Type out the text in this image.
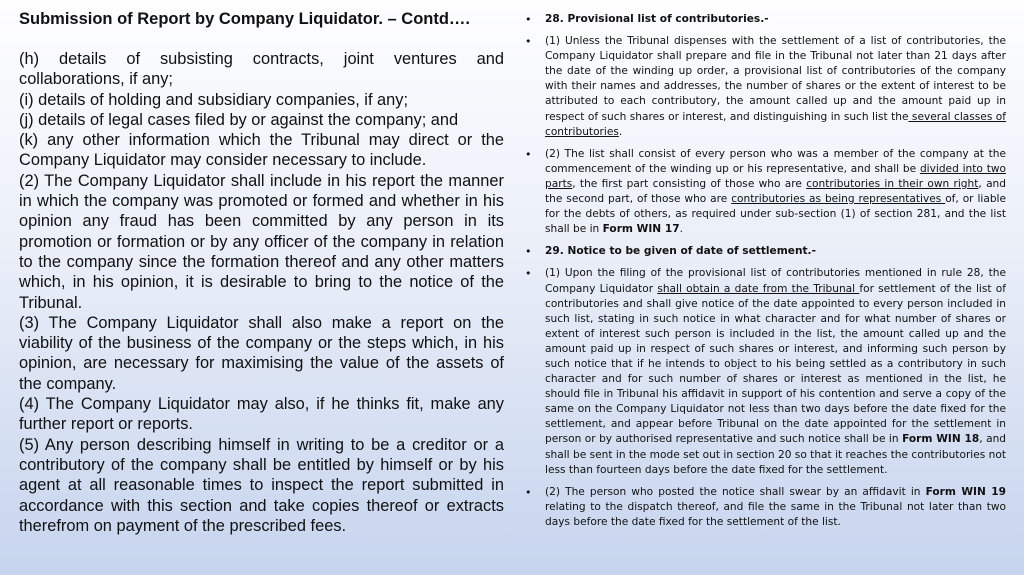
Submission of Report by Company Liquidator. – Contd….

(h) details of subsisting contracts, joint ventures and collaborations, if any;

(i) details of holding and subsidiary companies, if any;

(j) details of legal cases filed by or against the company; and

(k) any other information which the Tribunal may direct or the Company Liquidator may consider necessary to include.

(2) The Company Liquidator shall include in his report the manner in which the company was promoted or formed and whether in his opinion any fraud has been committed by any person in its promotion or formation or by any officer of the company in relation to the company since the formation thereof and any other matters which, in his opinion, it is desirable to bring to the notice of the Tribunal.

(3) The Company Liquidator shall also make a report on the viability of the business of the company or the steps which, in his opinion, are necessary for maximising the value of the assets of the company.

(4) The Company Liquidator may also, if he thinks fit, make any further report or reports.

(5) Any person describing himself in writing to be a creditor or a contributory of the company shall be entitled by himself or by his agent at all reasonable times to inspect the report submitted in accordance with this section and take copies thereof or extracts therefrom on payment of the prescribed fees.

• 28. Provisional list of contributories.-
• (1) Unless the Tribunal dispenses with the settlement of a list of contributories, the Company Liquidator shall prepare and file in the Tribunal not later than 21 days after the date of the winding up order, a provisional list of contributories of the company with their names and addresses, the number of shares or the extent of interest to be attributed to each contributory, the amount called up and the amount paid up in respect of such shares or interest, and distinguishing in such list the several classes of contributories.
• (2) The list shall consist of every person who was a member of the company at the commencement of the winding up or his representative, and shall be divided into two parts, the first part consisting of those who are contributories in their own right, and the second part, of those who are contributories as being representatives of, or liable for the debts of others, as required under sub-section (1) of section 281, and the list shall be in Form WIN 17.
• 29. Notice to be given of date of settlement.-
• (1) Upon the filing of the provisional list of contributories mentioned in rule 28, the Company Liquidator shall obtain a date from the Tribunal for settlement of the list of contributories and shall give notice of the date appointed to every person included in such list, stating in such notice in what character and for what number of shares or extent of interest such person is included in the list, the amount called up and the amount paid up in respect of such shares or interest, and informing such person by such notice that if he intends to object to his being settled as a contributory in such character and for such number of shares or interest as mentioned in the list, he should file in Tribunal his affidavit in support of his contention and serve a copy of the same on the Company Liquidator not less than two days before the date fixed for the settlement, and appear before Tribunal on the date appointed for the settlement in person or by authorised representative and such notice shall be in Form WIN 18, and shall be sent in the mode set out in section 20 so that it reaches the contributories not less than fourteen days before the date fixed for the settlement.
• (2) The person who posted the notice shall swear by an affidavit in Form WIN 19 relating to the dispatch thereof, and file the same in the Tribunal not later than two days before the date fixed for the settlement of the list.
